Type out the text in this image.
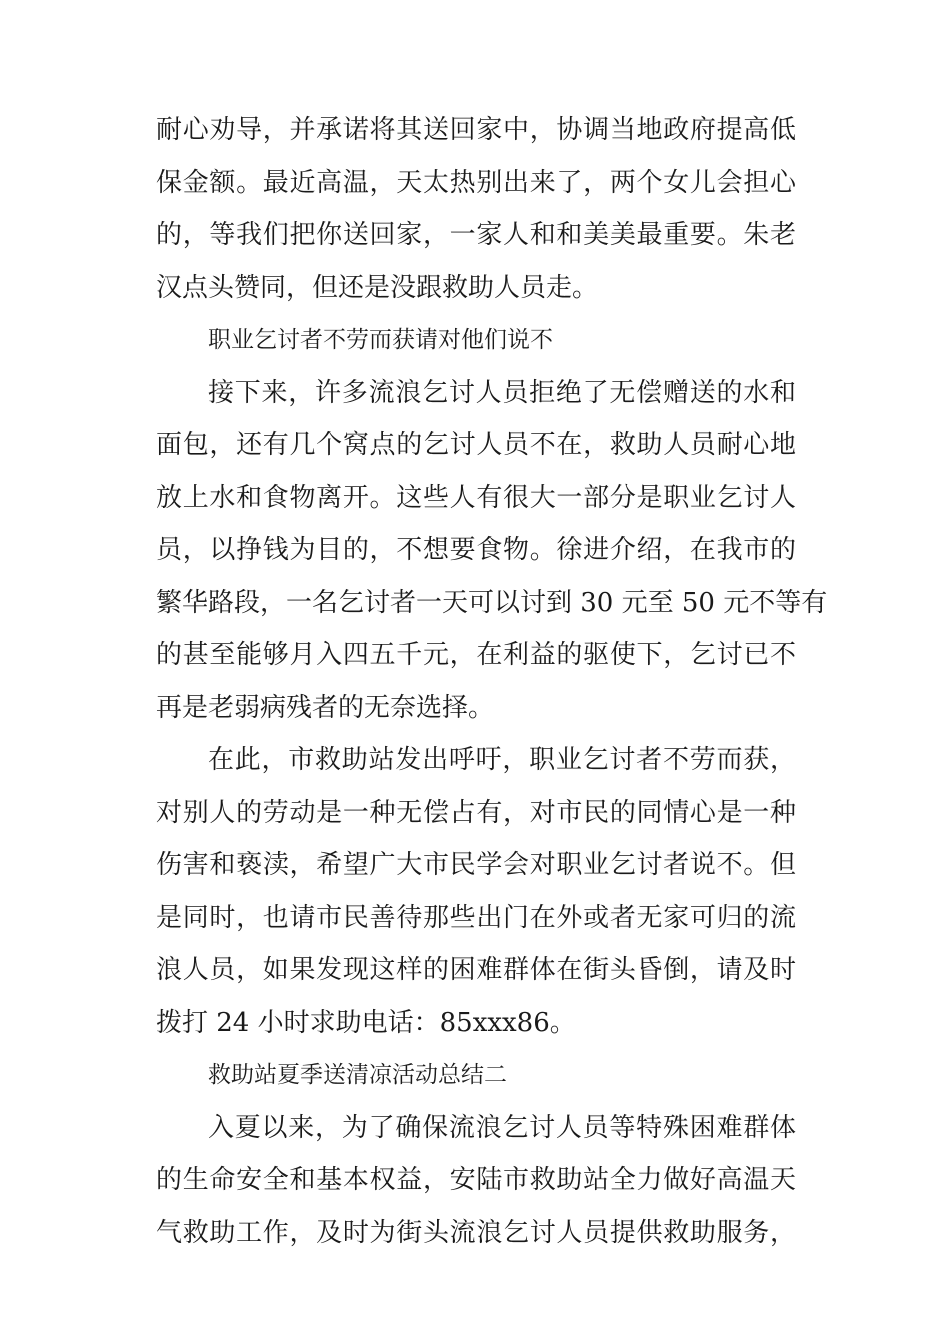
耐心劝导，并承诺将其送回家中，协调当地政府提高低
保金额。最近高温，天太热别出来了，两个女儿会担心
的，等我们把你送回家，一家人和和美美最重要。朱老
汉点头赞同，但还是没跟救助人员走。
职业乞讨者不劳而获请对他们说不
接下来，许多流浪乞讨人员拒绝了无偿赠送的水和
面包，还有几个窝点的乞讨人员不在，救助人员耐心地
放上水和食物离开。这些人有很大一部分是职业乞讨人
员，以挣钱为目的，不想要食物。徐进介绍，在我市的
繁华路段，一名乞讨者一天可以讨到 30 元至 50 元不等有
的甚至能够月入四五千元，在利益的驱使下，乞讨已不
再是老弱病残者的无奈选择。
在此，市救助站发出呼吁，职业乞讨者不劳而获，
对别人的劳动是一种无偿占有，对市民的同情心是一种
伤害和亵渎，希望广大市民学会对职业乞讨者说不。但
是同时，也请市民善待那些出门在外或者无家可归的流
浪人员，如果发现这样的困难群体在街头昏倒，请及时
拨打 24 小时求助电话：85xxx86。
救助站夏季送清凉活动总结二
入夏以来，为了确保流浪乞讨人员等特殊困难群体
的生命安全和基本权益，安陆市救助站全力做好高温天
气救助工作，及时为街头流浪乞讨人员提供救助服务，
